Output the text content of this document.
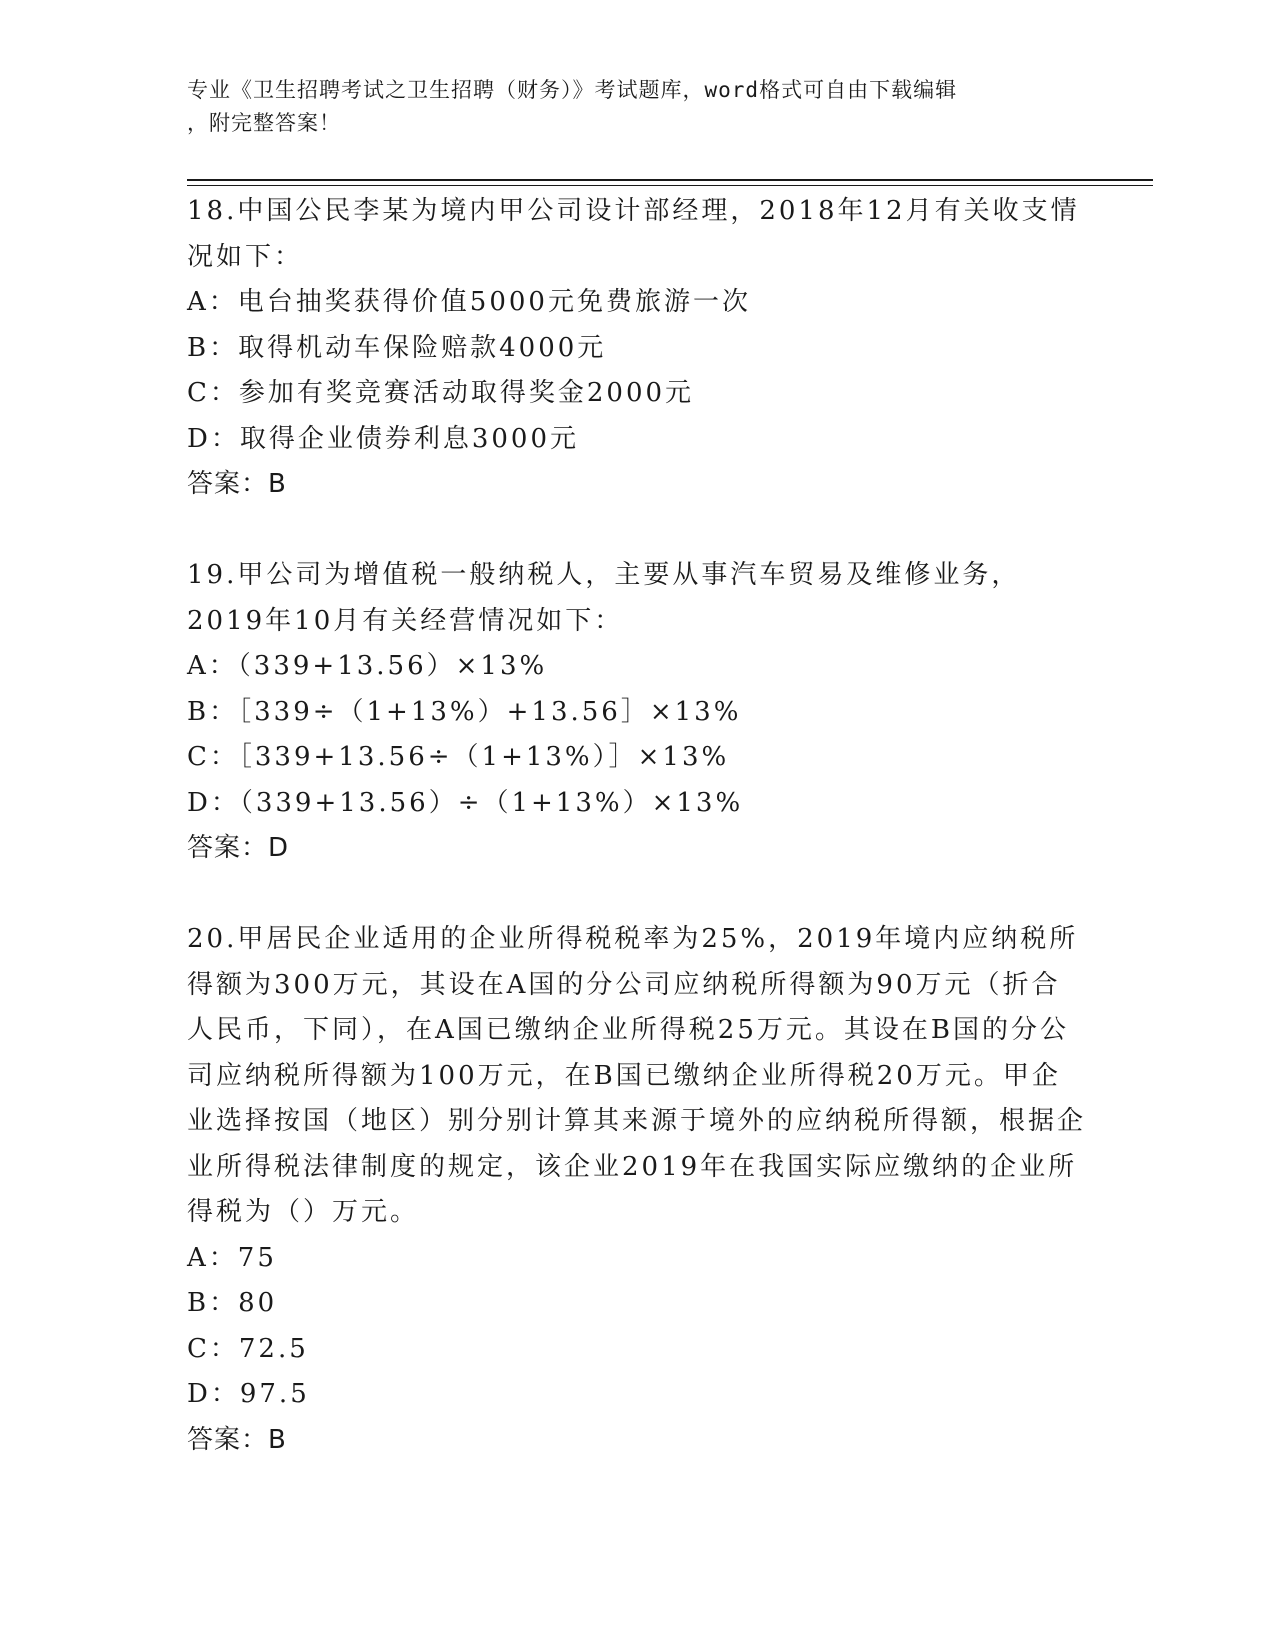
专业《卫生招聘考试之卫生招聘（财务）》考试题库，word格式可自由下载编辑
，附完整答案！
18.中国公民李某为境内甲公司设计部经理，2018年12月有关收支情况如下：
A：电台抽奖获得价值5000元免费旅游一次
B：取得机动车保险赔款4000元
C：参加有奖竞赛活动取得奖金2000元
D：取得企业债券利息3000元
答案：B
19.甲公司为增值税一般纳税人，主要从事汽车贸易及维修业务，2019年10月有关经营情况如下：
A：（339+13.56）×13%
B：［339÷（1+13%）+13.56］×13%
C：［339+13.56÷（1+13%）］×13%
D：（339+13.56）÷（1+13%）×13%
答案：D
20.甲居民企业适用的企业所得税税率为25%，2019年境内应纳税所得额为300万元，其设在A国的分公司应纳税所得额为90万元（折合人民币，下同），在A国已缴纳企业所得税25万元。其设在B国的分公司应纳税所得额为100万元，在B国已缴纳企业所得税20万元。甲企业选择按国（地区）别分别计算其来源于境外的应纳税所得额，根据企业所得税法律制度的规定，该企业2019年在我国实际应缴纳的企业所得税为（）万元。
A：75
B：80
C：72.5
D：97.5
答案：B
